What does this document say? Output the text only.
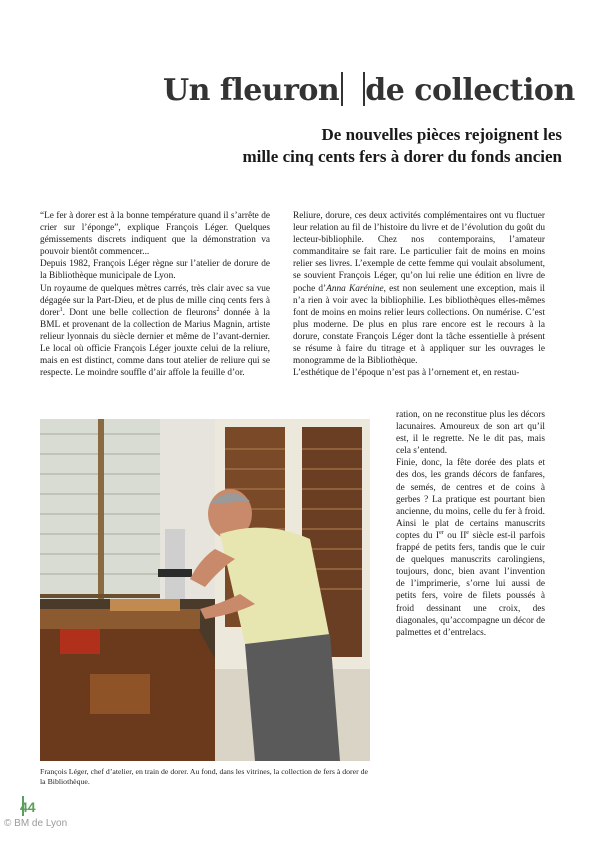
Un fleuron de collection
De nouvelles pièces rejoignent les
mille cinq cents fers à dorer du fonds ancien

“Le fer à dorer est à la bonne température quand il s’arrête de crier sur l’éponge”, explique François Léger. Quelques gémissements discrets indiquent que la démonstration va pouvoir bientôt commencer...

Depuis 1982, François Léger règne sur l’atelier de dorure de la Bibliothèque municipale de Lyon.

Un royaume de quelques mètres carrés, très clair avec sa vue dégagée sur la Part-Dieu, et de plus de mille cinq cents fers à dorer$^1$. Dont une belle collection de fleurons$^2$ donnée à la BML et provenant de la collection de Marius Magnin, artiste relieur lyonnais du siècle dernier et même de l’avant-dernier. Le local où officie François Léger jouxte celui de la reliure, mais en est distinct, comme dans tout atelier de reliure qui se respecte. Le moindre souffle d’air affole la feuille d’or.

Reliure, dorure, ces deux activités complémentaires ont vu fluctuer leur relation au fil de l’histoire du livre et de l’évolution du goût du lecteur-bibliophile. Chez nos contemporains, l’amateur commanditaire se fait rare. Le particulier fait de moins en moins relier ses livres. L’exemple de cette femme qui voulait absolument, se souvient François Léger, qu’on lui relie une édition en livre de poche d’Anna Karénine, est non seulement une exception, mais il n’a rien à voir avec la bibliophilie. Les bibliothèques elles-mêmes font de moins en moins relier leurs collections. On numérise. C’est plus moderne. De plus en plus rare encore est le recours à la dorure, constate François Léger dont la tâche essentielle à présent se résume à faire du titrage et à appliquer sur les ouvrages le monogramme de la Bibliothèque.

L’esthétique de l’époque n’est pas à l’ornement et, en restau-

ration, on ne reconstitue plus les décors lacunaires. Amoureux de son art qu’il est, il le regrette. Ne le dit pas, mais cela s’entend.

Finie, donc, la fête dorée des plats et des dos, les grands décors de fanfares, de semés, de centres et de coins à gerbes ? La pratique est pourtant bien ancienne, du moins, celle du fer à froid. Ainsi le plat de certains manuscrits coptes du Ier ou IIe siècle est-il parfois frappé de petits fers, tandis que le cuir de quelques manuscrits carolingiens, toujours, donc, bien avant l’invention de l’imprimerie, s’orne lui aussi de petits fers, voire de filets poussés à froid dessinant une croix, des diagonales, qu’accompagne un décor de palmettes et d’entrelacs.

François Léger, chef d’atelier, en train de dorer. Au fond, dans les vitrines, la collection de fers à dorer de la Bibliothèque.
44
© BM de Lyon
